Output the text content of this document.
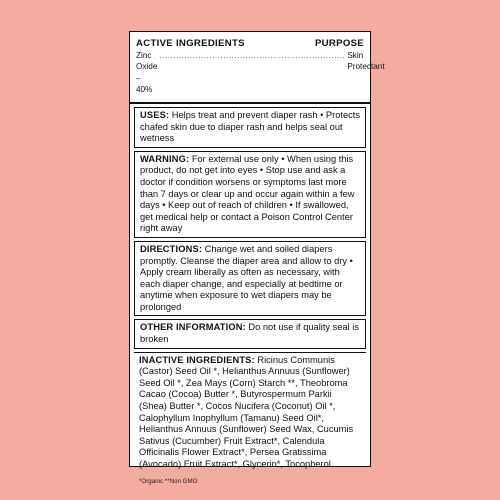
ACTIVE INGREDIENTS	PURPOSE
Zinc Oxide – 40%
................................................................... Skin Protectant
USES: Helps treat and prevent diaper rash • Protects chafed skin due to diaper rash and helps seal out wetness
WARNING: For external use only • When using this product, do not get into eyes • Stop use and ask a doctor if condition worsens or symptoms last more than 7 days or clear up and occur again within a few days • Keep out of reach of children • If swallowed, get medical help or contact a Poison Control Center right away
DIRECTIONS: Change wet and soiled diapers promptly. Cleanse the diaper area and allow to dry • Apply cream liberally as often as necessary, with each diaper change, and especially at bedtime or anytime when exposure to wet diapers may be prolonged
OTHER INFORMATION: Do not use if quality seal is broken
INACTIVE INGREDIENTS: Ricinus Communis (Castor) Seed Oil *, Helianthus Annuus (Sunflower) Seed Oil *, Zea Mays (Corn) Starch **, Theobroma Cacao (Cocoa) Butter *, Butyrospermum Parkii (Shea) Butter *, Cocos Nucifera (Coconut) Oil *, Calophyllum Inophyllum (Tamanu) Seed Oil*, Helianthus Annuus (Sunflower) Seed Wax, Cucumis Sativus (Cucumber) Fruit Extract*, Calendula Officinalis Flower Extract*, Persea Gratissima (Avocado) Fruit Extract*, Glycerin*, Tocopherol
*Organic **Non GMO
